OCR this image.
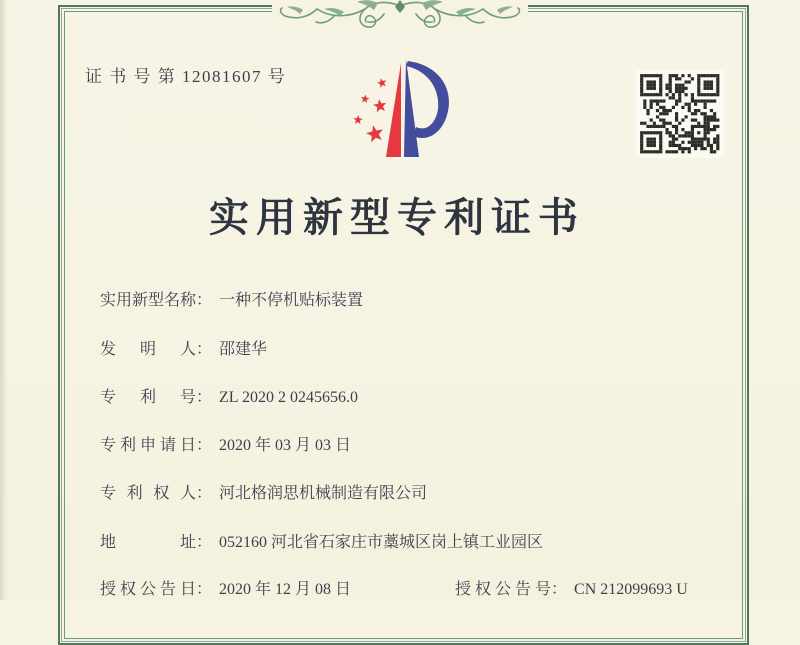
证 书 号 第 12081607 号
实用新型专利证书
实用新型名称： 一种不停机贴标装置
发明人： 邵建华
专利号： ZL 2020 2 0245656.0
专利申请日： 2020 年 03 月 03 日
专利权人： 河北格润思机械制造有限公司
地址： 052160 河北省石家庄市藁城区岗上镇工业园区
授权公告日： 2020 年 12 月 08 日	授权公告号： CN 212099693 U
